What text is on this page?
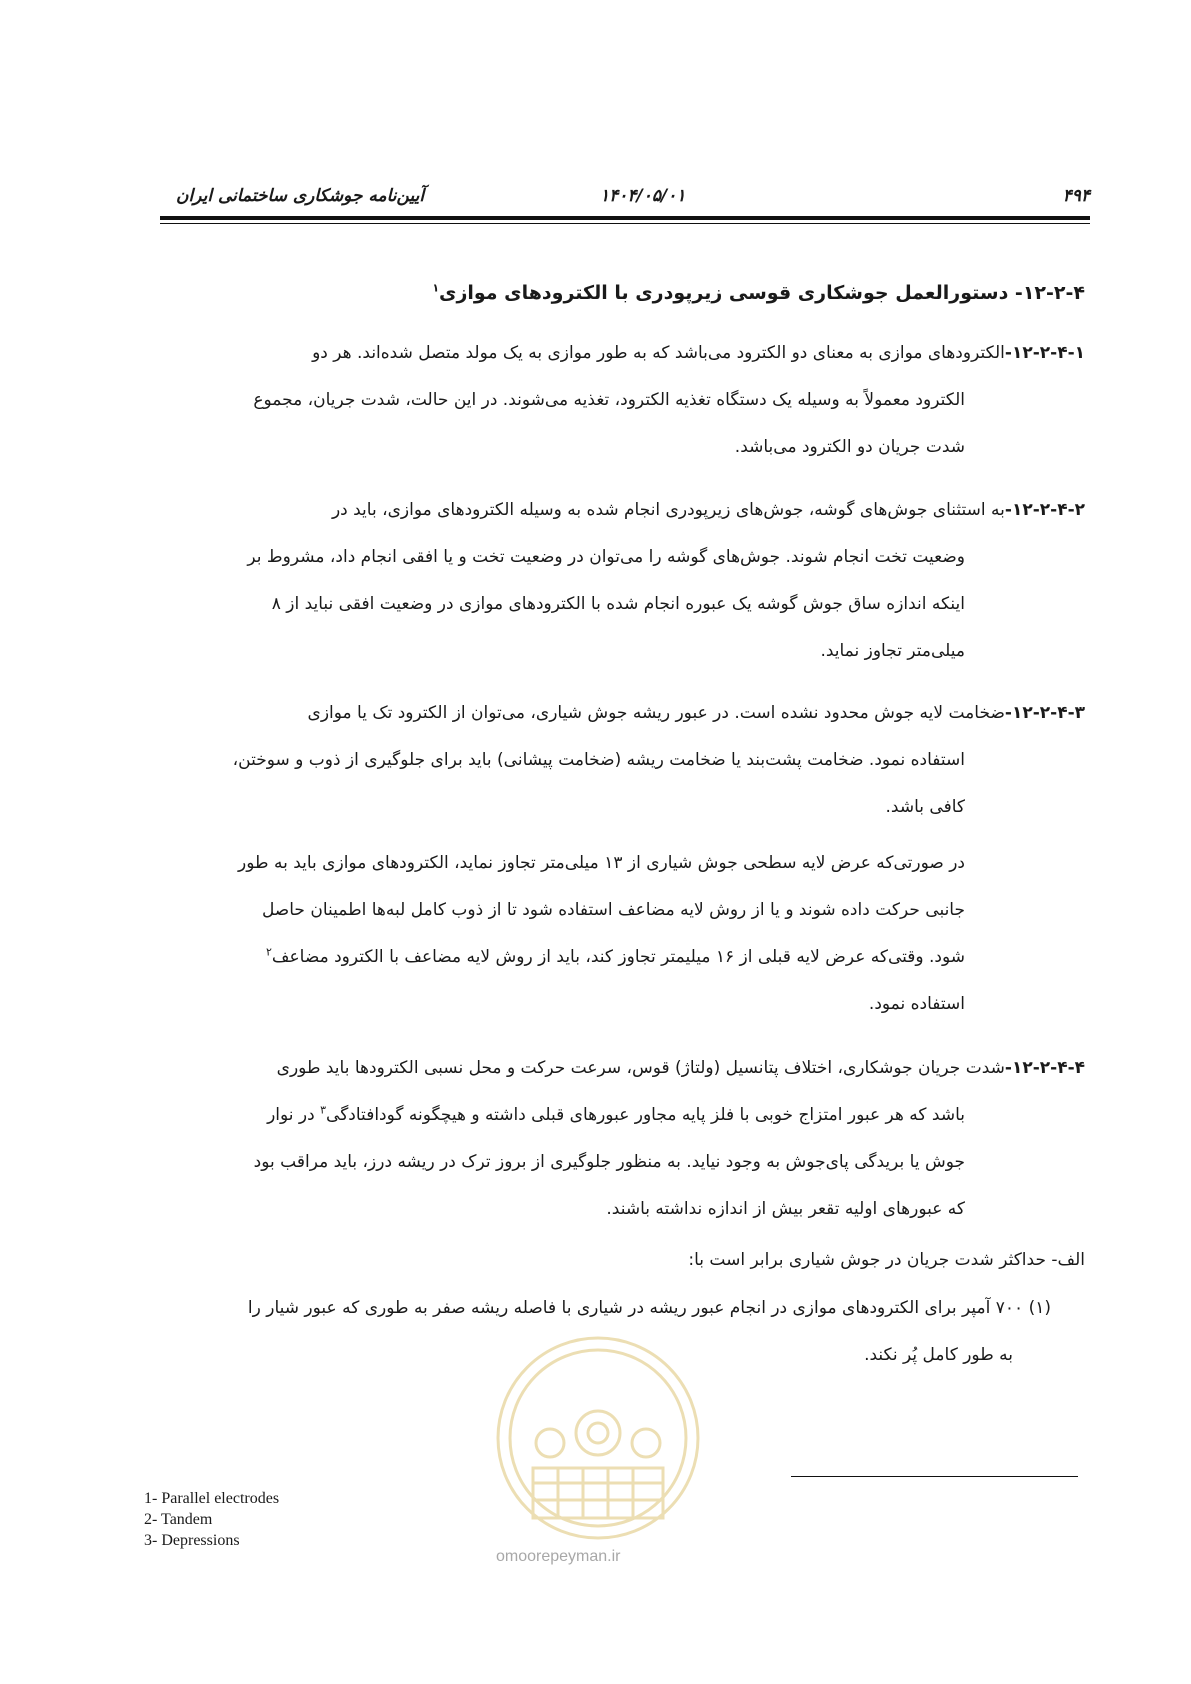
آیین‌نامه جوشکاری ساختمانی ایران	۱۴۰۴/۰۵/۰۱	۴۹۴
۱۲-۲-۴- دستورالعمل جوشکاری قوسی زیرپودری با الکترودهای موازی$^۱$
۱۲-۲-۴-۱-الکترودهای موازی به معنای دو الکترود می‌باشد که به طور موازی به یک مولد متصل شده‌اند. هر دو
الکترود معمولاً به وسیله یک دستگاه تغذیه الکترود، تغذیه می‌شوند. در این حالت، شدت جریان، مجموع
شدت جریان دو الکترود می‌باشد.
۱۲-۲-۴-۲-به استثنای جوش‌های گوشه، جوش‌های زیرپودری انجام شده به وسیله الکترودهای موازی، باید در
وضعیت تخت انجام شوند. جوش‌های گوشه را می‌توان در وضعیت تخت و یا افقی انجام داد، مشروط بر
اینکه اندازه ساق جوش گوشه یک عبوره انجام شده با الکترودهای موازی در وضعیت افقی نباید از ۸
میلی‌متر تجاوز نماید.
۱۲-۲-۴-۳-ضخامت لایه جوش محدود نشده است. در عبور ریشه جوش شیاری، می‌توان از الکترود تک یا موازی
استفاده نمود. ضخامت پشت‌بند یا ضخامت ریشه (ضخامت پیشانی) باید برای جلوگیری از ذوب و سوختن،
کافی باشد.
در صورتی‌که عرض لایه سطحی جوش شیاری از ۱۳ میلی‌متر تجاوز نماید، الکترودهای موازی باید به طور
جانبی حرکت داده شوند و یا از روش لایه مضاعف استفاده شود تا از ذوب کامل لبه‌ها اطمینان حاصل
شود. وقتی‌که عرض لایه قبلی از ۱۶ میلیمتر تجاوز کند، باید از روش لایه مضاعف با الکترود مضاعف$^۲$
استفاده نمود.
۱۲-۲-۴-۴-شدت جریان جوشکاری، اختلاف پتانسیل (ولتاژ) قوس، سرعت حرکت و محل نسبی الکترودها باید طوری
باشد که هر عبور امتزاج خوبی با فلز پایه مجاور عبورهای قبلی داشته و هیچگونه گودافتادگی$^۳$ در نوار
جوش یا بریدگی پای‌جوش به وجود نیاید. به منظور جلوگیری از بروز ترک در ریشه درز، باید مراقب بود
که عبورهای اولیه تقعر بیش از اندازه نداشته باشند.
الف- حداکثر شدت جریان در جوش شیاری برابر است با:
(۱) ۷۰۰ آمپر برای الکترودهای موازی در انجام عبور ریشه در شیاری با فاصله ریشه صفر به طوری که عبور شیار را
به طور کامل پُر نکند.
omoorepeyman.ir
1- Parallel electrodes
2- Tandem
3- Depressions
